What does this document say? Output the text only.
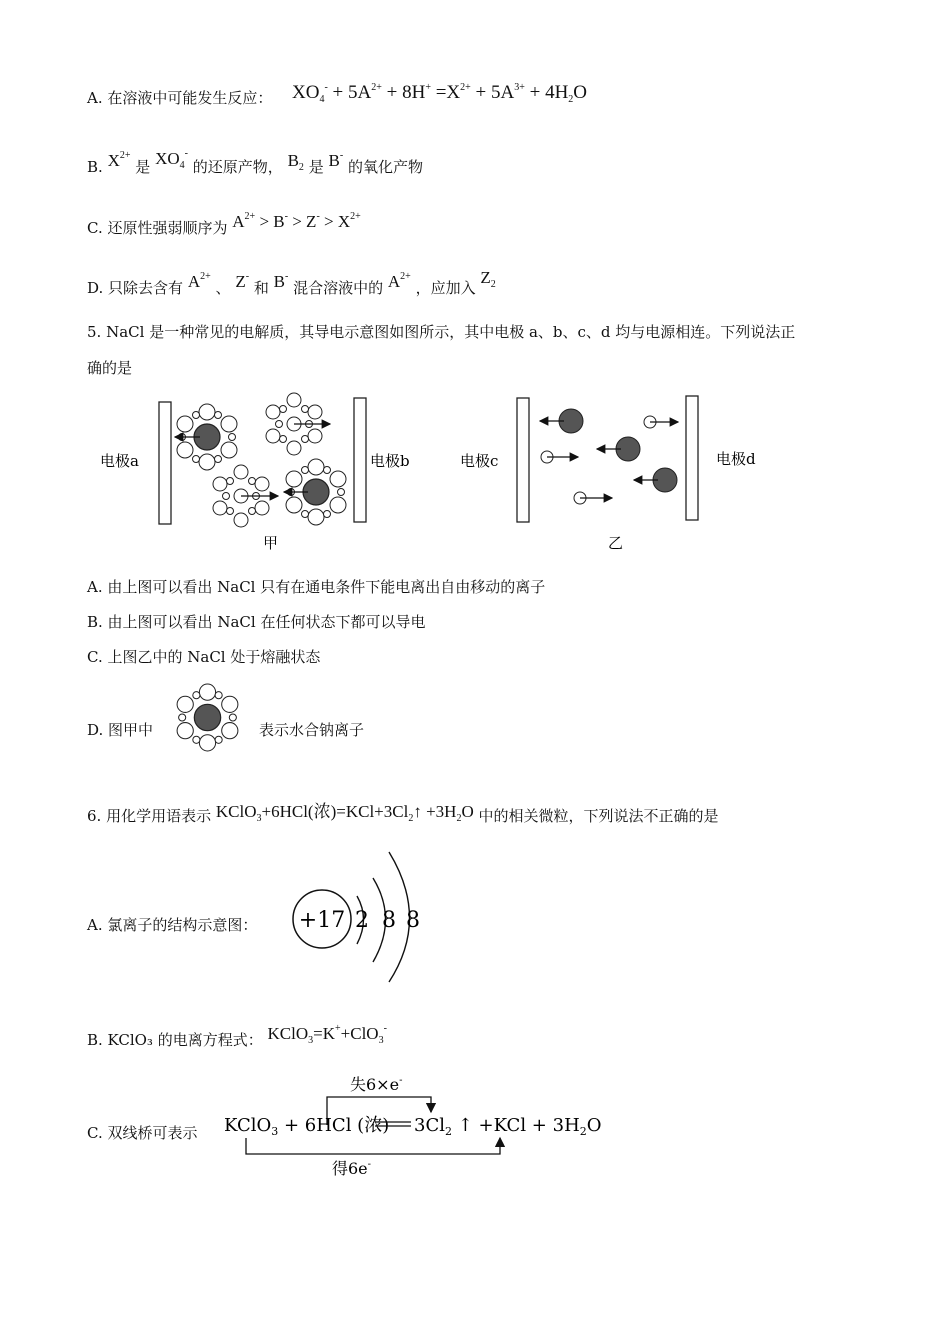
A. 在溶液中可能发生反应： $XO_4^- + 5A^{2+} + 8H^+ =X^{2+} + 5A^{3+} + 4H_2O$
B. $X^{2+}$ 是 $XO_4^-$ 的还原产物， $B_2$ 是 B- 的氧化产物
C. 还原性强弱顺序为 $A^{2+} > B^- > Z^- > X^{2+}$
D. 只除去含有 $A^{2+}$ 、 Z- 和 B- 混合溶液中的 $A^{2+}$ ，应加入 $Z_2$
5. NaCl 是一种常见的电解质，其导电示意图如图所示，其中电极 a、b、c、d 均与电源相连。下列说法正
确的是
电极a	电极b
甲
电极c	电极d
乙
A. 由上图可以看出 NaCl 只有在通电条件下能电离出自由移动的离子
B. 由上图可以看出 NaCl 在任何状态下都可以导电
C. 上图乙中的 NaCl 处于熔融状态
D. 图甲中	表示水合钠离子
6. 用化学用语表示 KClO$_3$+6HCl(浓)$=KCl+3Cl_2↑ +3H_2O$ 中的相关微粒，下列说法不正确的是
A. 氯离子的结构示意图： +17 2 8 8
B. KClO₃ 的电离方程式： KClO$_3$=K++ClO$_3$-
C. 双线桥可表示
失6×e-
KClO$_3$ + 6HCl (浓) $3Cl_2$ ↑ $+KCl + 3H_2O$
得6e-
